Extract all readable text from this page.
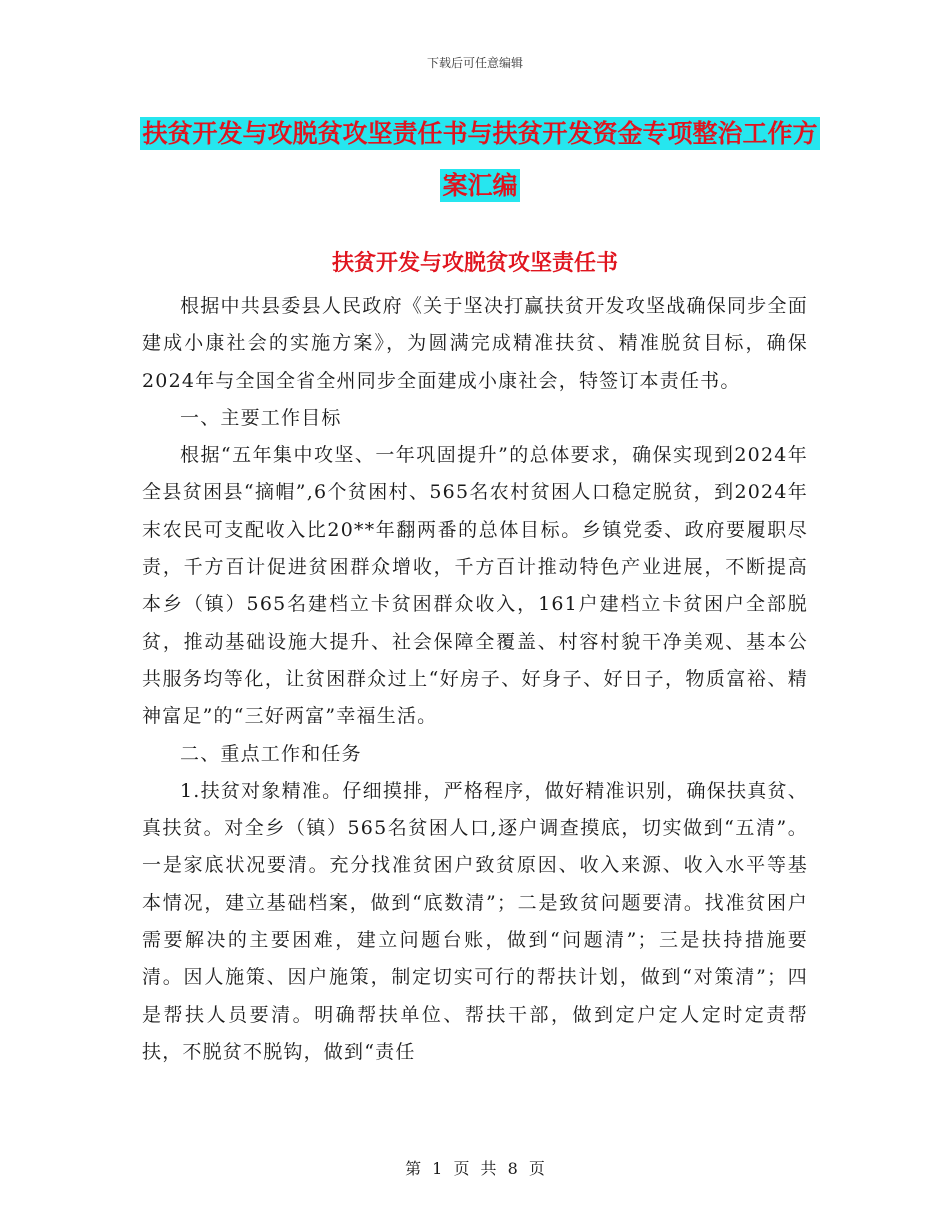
下载后可任意编辑
扶贫开发与攻脱贫攻坚责任书与扶贫开发资金专项整治工作方案汇编
扶贫开发与攻脱贫攻坚责任书

根据中共县委县人民政府《关于坚决打赢扶贫开发攻坚战确保同步全面建成小康社会的实施方案》，为圆满完成精准扶贫、精准脱贫目标，确保2024年与全国全省全州同步全面建成小康社会，特签订本责任书。

一、主要工作目标

根据“五年集中攻坚、一年巩固提升”的总体要求，确保实现到2024年全县贫困县“摘帽”,6个贫困村、565名农村贫困人口稳定脱贫，到2024年末农民可支配收入比20**年翻两番的总体目标。乡镇党委、政府要履职尽责，千方百计促进贫困群众增收，千方百计推动特色产业进展，不断提高本乡（镇）565名建档立卡贫困群众收入，161户建档立卡贫困户全部脱贫，推动基础设施大提升、社会保障全覆盖、村容村貌干净美观、基本公共服务均等化，让贫困群众过上“好房子、好身子、好日子，物质富裕、精神富足”的“三好两富”幸福生活。

二、重点工作和任务

1.扶贫对象精准。仔细摸排，严格程序，做好精准识别，确保扶真贫、真扶贫。对全乡（镇）565名贫困人口,逐户调查摸底，切实做到“五清”。一是家底状况要清。充分找准贫困户致贫原因、收入来源、收入水平等基本情况，建立基础档案，做到“底数清”；二是致贫问题要清。找准贫困户需要解决的主要困难，建立问题台账，做到“问题清”；三是扶持措施要清。因人施策、因户施策，制定切实可行的帮扶计划，做到“对策清”；四是帮扶人员要清。明确帮扶单位、帮扶干部，做到定户定人定时定责帮扶，不脱贫不脱钩，做到“责任

第 1 页 共 8 页
